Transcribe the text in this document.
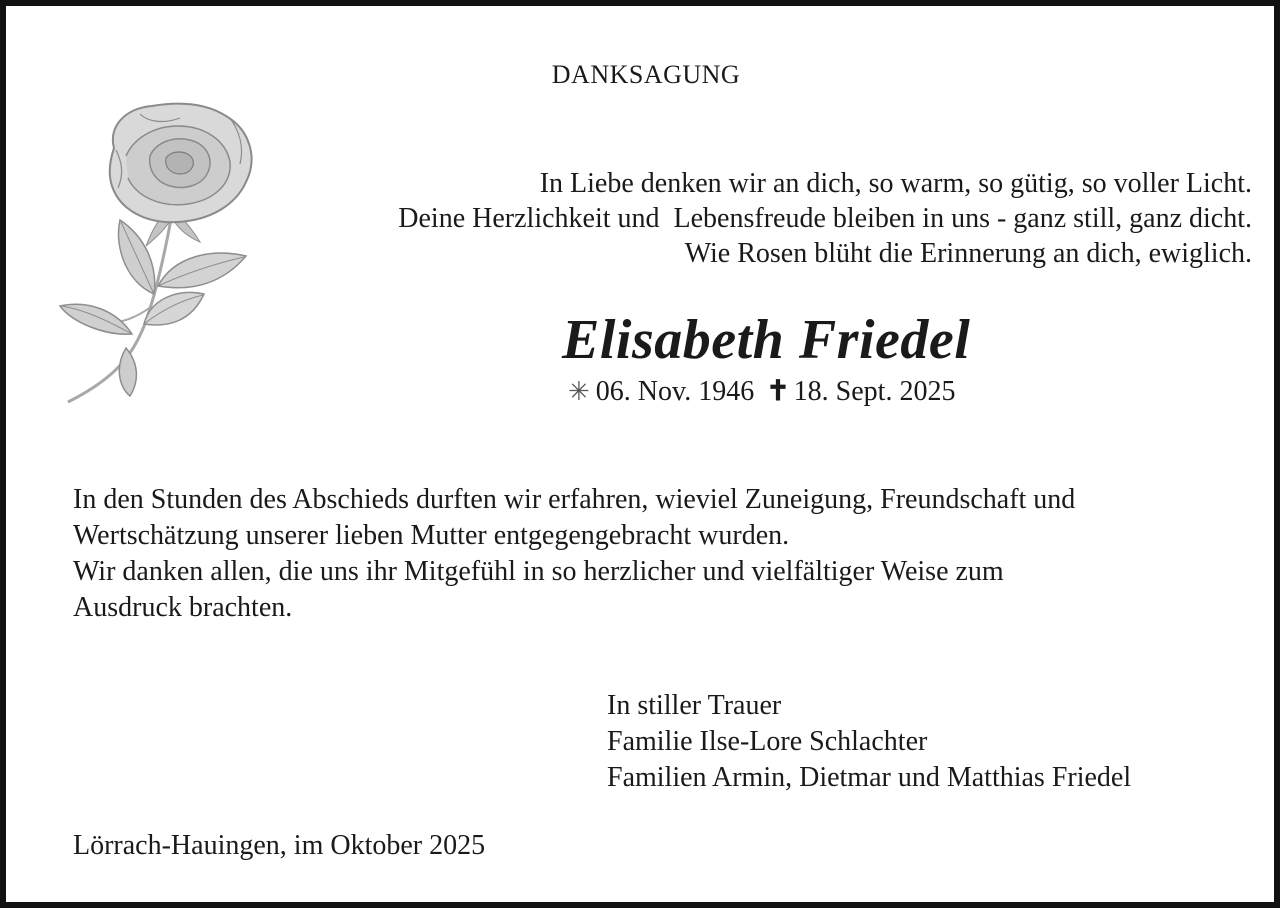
DANKSAGUNG
In Liebe denken wir an dich, so warm, so gütig, so voller Licht.
Deine Herzlichkeit und  Lebensfreude bleiben in uns - ganz still, ganz dicht.
Wie Rosen blüht die Erinnerung an dich, ewiglich.
Elisabeth Friedel
✳ 06. Nov. 1946 ✝ 18. Sept. 2025
In den Stunden des Abschieds durften wir erfahren, wieviel Zuneigung, Freundschaft und
Wertschätzung unserer lieben Mutter entgegengebracht wurden.
Wir danken allen, die uns ihr Mitgefühl in so herzlicher und vielfältiger Weise zum
Ausdruck brachten.
In stiller Trauer
Familie Ilse-Lore Schlachter
Familien Armin, Dietmar und Matthias Friedel
Lörrach-Hauingen, im Oktober 2025
